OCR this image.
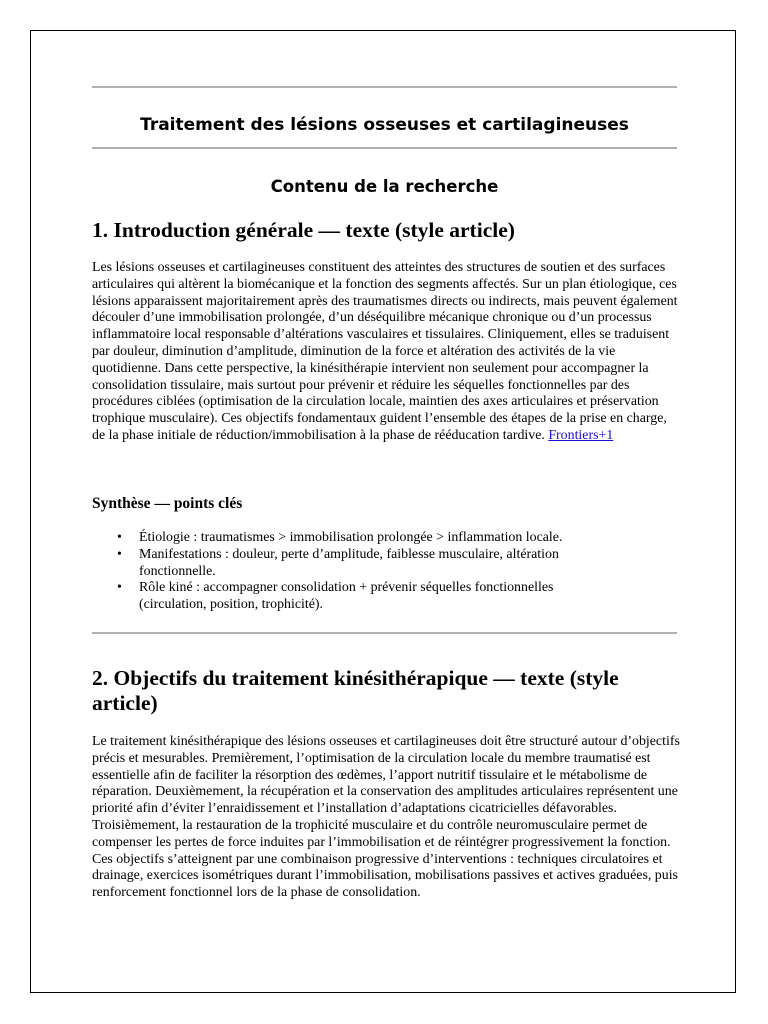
Traitement des lésions osseuses et cartilagineuses
Contenu de la recherche
1. Introduction générale — texte (style article)

Les lésions osseuses et cartilagineuses constituent des atteintes des structures de soutien et des surfaces articulaires qui altèrent la biomécanique et la fonction des segments affectés. Sur un plan étiologique, ces lésions apparaissent majoritairement après des traumatismes directs ou indirects, mais peuvent également découler d’une immobilisation prolongée, d’un déséquilibre mécanique chronique ou d’un processus inflammatoire local responsable d’altérations vasculaires et tissulaires. Cliniquement, elles se traduisent par douleur, diminution d’amplitude, diminution de la force et altération des activités de la vie quotidienne. Dans cette perspective, la kinésithérapie intervient non seulement pour accompagner la consolidation tissulaire, mais surtout pour prévenir et réduire les séquelles fonctionnelles par des procédures ciblées (optimisation de la circulation locale, maintien des axes articulaires et préservation trophique musculaire). Ces objectifs fondamentaux guident l’ensemble des étapes de la prise en charge, de la phase initiale de réduction/immobilisation à la phase de rééducation tardive. Frontiers+1

Synthèse — points clés
• Étiologie : traumatismes > immobilisation prolongée > inflammation locale.
• Manifestations : douleur, perte d’amplitude, faiblesse musculaire, altération fonctionnelle.
• Rôle kiné : accompagner consolidation + prévenir séquelles fonctionnelles (circulation, position, trophicité).
2. Objectifs du traitement kinésithérapique — texte (style article)

Le traitement kinésithérapique des lésions osseuses et cartilagineuses doit être structuré autour d’objectifs précis et mesurables. Premièrement, l’optimisation de la circulation locale du membre traumatisé est essentielle afin de faciliter la résorption des œdèmes, l’apport nutritif tissulaire et le métabolisme de réparation. Deuxièmement, la récupération et la conservation des amplitudes articulaires représentent une priorité afin d’éviter l’enraidissement et l’installation d’adaptations cicatricielles défavorables. Troisièmement, la restauration de la trophicité musculaire et du contrôle neuromusculaire permet de compenser les pertes de force induites par l’immobilisation et de réintégrer progressivement la fonction. Ces objectifs s’atteignent par une combinaison progressive d’interventions : techniques circulatoires et drainage, exercices isométriques durant l’immobilisation, mobilisations passives et actives graduées, puis renforcement fonctionnel lors de la phase de consolidation.
